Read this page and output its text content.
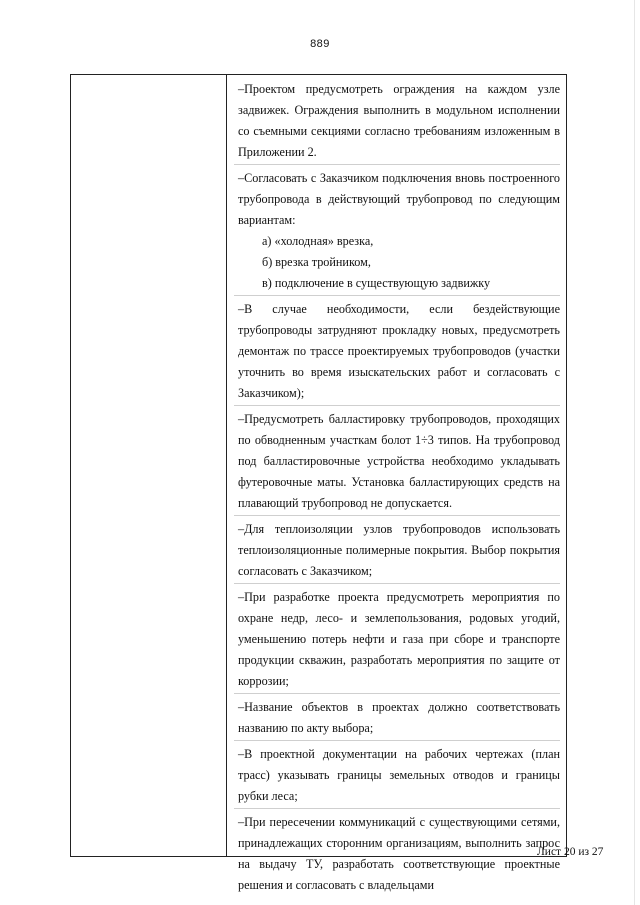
889
–Проектом предусмотреть ограждения на каждом узле задвижек. Ограждения выполнить в модульном исполнении со съемными секциями согласно требованиям изложенным в Приложении 2.
–Согласовать с Заказчиком подключения вновь построенного трубопровода в действующий трубопровод по следующим вариантам:
а) «холодная» врезка,
б) врезка тройником,
в) подключение в существующую задвижку
–В случае необходимости, если бездействующие трубопроводы затрудняют прокладку новых, предусмотреть демонтаж по трассе проектируемых трубопроводов (участки уточнить во время изыскательских работ и согласовать с Заказчиком);
–Предусмотреть балластировку трубопроводов, проходящих по обводненным участкам болот 1÷3 типов. На трубопровод под балластировочные устройства необходимо укладывать футеровочные маты. Установка балластирующих средств на плавающий трубопровод не допускается.
–Для теплоизоляции узлов трубопроводов использовать теплоизоляционные полимерные покрытия. Выбор покрытия согласовать с Заказчиком;
–При разработке проекта предусмотреть мероприятия по охране недр, лесо- и землепользования, родовых угодий, уменьшению потерь нефти и газа при сборе и транспорте продукции скважин, разработать мероприятия по защите от коррозии;
–Название объектов в проектах должно соответствовать названию по акту выбора;
–В проектной документации на рабочих чертежах (план трасс) указывать границы земельных отводов и границы рубки леса;
–При пересечении коммуникаций с существующими сетями, принадлежащих сторонним организациям, выполнить запрос на выдачу ТУ, разработать соответствующие проектные решения и согласовать с владельцами
Лист 20 из 27
